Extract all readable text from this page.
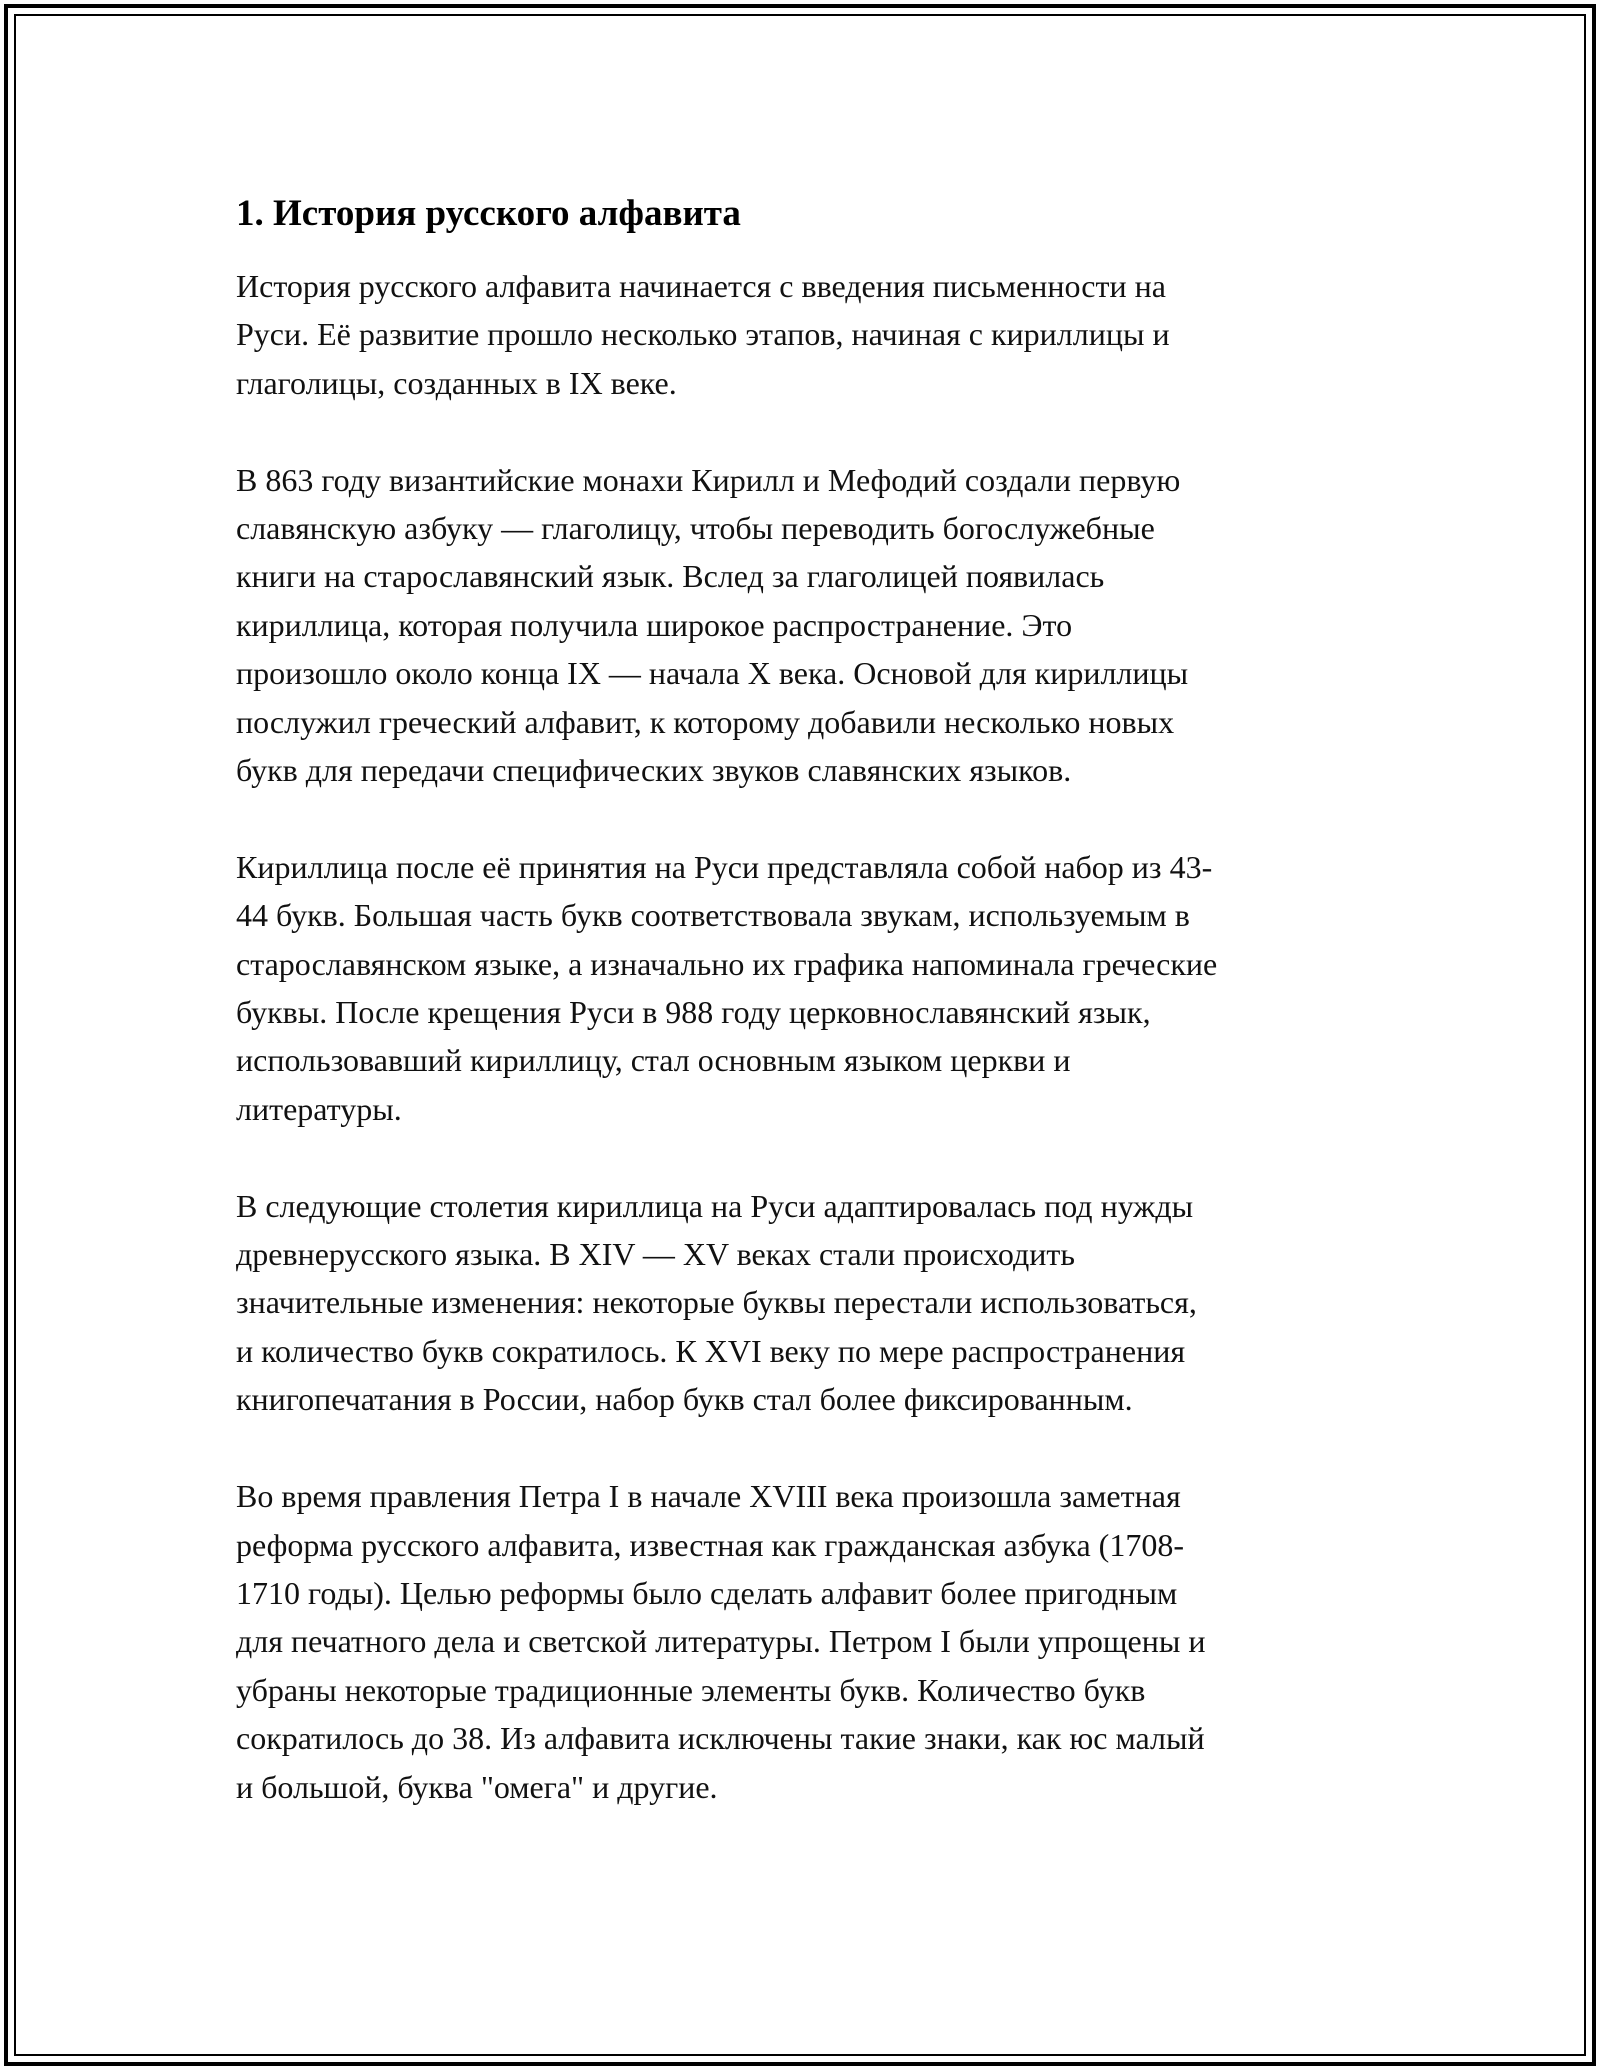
1. История русского алфавита

История русского алфавита начинается с введения письменности на
Руси. Её развитие прошло несколько этапов, начиная с кириллицы и
глаголицы, созданных в IX веке.

В 863 году византийские монахи Кирилл и Мефодий создали первую
славянскую азбуку — глаголицу, чтобы переводить богослужебные
книги на старославянский язык. Вслед за глаголицей появилась
кириллица, которая получила широкое распространение. Это
произошло около конца IX — начала X века. Основой для кириллицы
послужил греческий алфавит, к которому добавили несколько новых
букв для передачи специфических звуков славянских языков.

Кириллица после её принятия на Руси представляла собой набор из 43-
44 букв. Большая часть букв соответствовала звукам, используемым в
старославянском языке, а изначально их графика напоминала греческие
буквы. После крещения Руси в 988 году церковнославянский язык,
использовавший кириллицу, стал основным языком церкви и
литературы.

В следующие столетия кириллица на Руси адаптировалась под нужды
древнерусского языка. В XIV — XV веках стали происходить
значительные изменения: некоторые буквы перестали использоваться,
и количество букв сократилось. К XVI веку по мере распространения
книгопечатания в России, набор букв стал более фиксированным.

Во время правления Петра I в начале XVIII века произошла заметная
реформа русского алфавита, известная как гражданская азбука (1708-
1710 годы). Целью реформы было сделать алфавит более пригодным
для печатного дела и светской литературы. Петром I были упрощены и
убраны некоторые традиционные элементы букв. Количество букв
сократилось до 38. Из алфавита исключены такие знаки, как юс малый
и большой, буква "омега" и другие.
